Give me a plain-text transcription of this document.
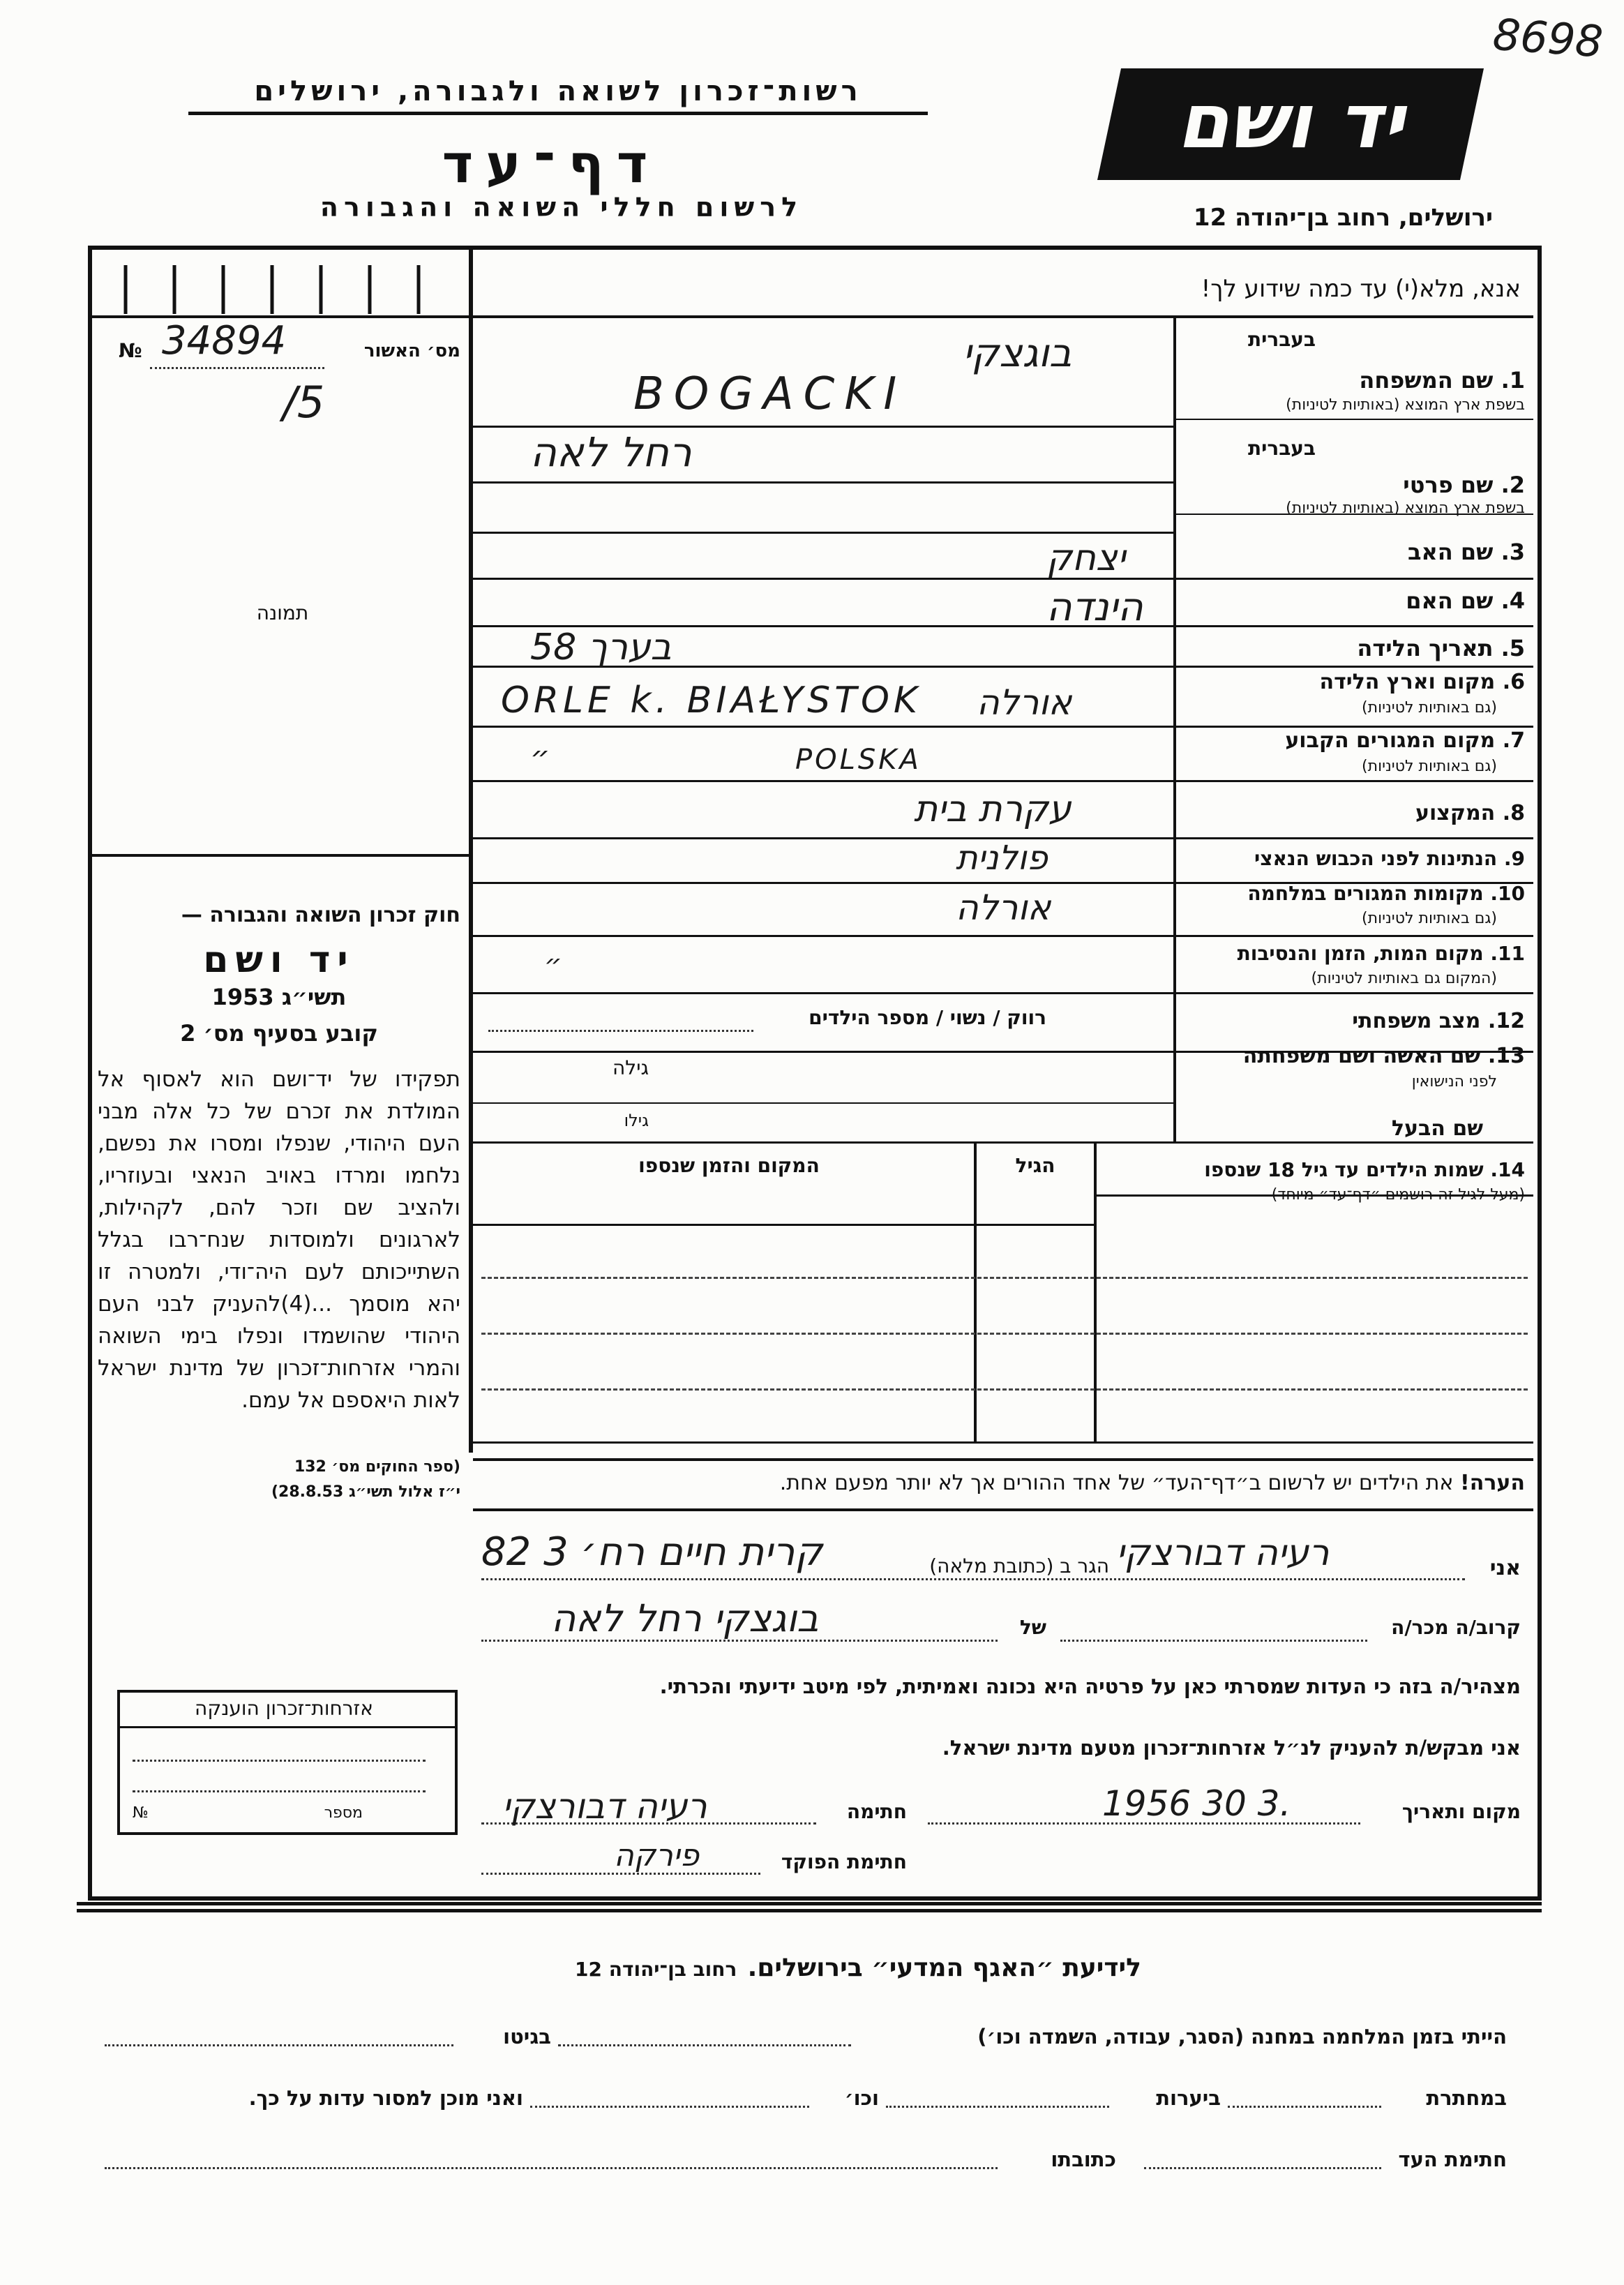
8698
רשות־זכרון לשואה ולגבורה, ירושלים
דף־עד
לרשום חללי השואה והגבורה
יד ושם
ירושלים, רחוב בן־יהודה 12
מס׳ האשור
№ 34894
/5
תמונה
חוק זכרון השואה והגבורה —
יד ושם
תשי״ג 1953
קובע בסעיף מס׳ 2
תפקידו של יד־ושם הוא לאסוף אל המולדת את זכרם של כל אלה מבני העם היהודי, שנפלו ומסרו את נפשם, נלחמו ומרדו באויב הנאצי ובעוזריו, ולהציב שם וזכר להם, לקהילות, לארגונים ולמוסדות שנח־רבו בגלל השתייכותם לעם היה־ודי, ולמטרה זו יהא מוסמך ...(4)להעניק לבני העם היהודי שהושמדו ונפלו בימי השואה והמרי אזרחות־זכרון של מדינת ישראל לאות היאספם אל עמם.
(ספר החוקים מס׳ 132
י״ז אלול תשי״ג 28.8.53)
אזרחות־זכרון הוענקה
מספר
№
אנא, מלא(י) עד כמה שידוע לך!
בעברית
1. שם המשפחה
בשפת ארץ המוצא (באותיות לטיניות)
בעברית
2. שם פרטי
בשפת ארץ המוצא (באותיות לטיניות)
3. שם האב
4. שם האם
5. תאריך הלידה
6. מקום וארץ הלידה
(גם באותיות לטיניות)
7. מקום המגורים הקבוע
(גם באותיות לטיניות)
8. המקצוע
9. הנתינות לפני הכבוש הנאצי
10. מקומות המגורים במלחמה
(גם באותיות לטיניות)
11. מקום המות, הזמן והנסיבות
(המקום גם באותיות לטיניות)
12. מצב משפחתי
13. שם האשה ושם משפחתה
לפני הנישואין
שם הבעל
בוגצקי
BOGACKI
רחל לאה
יצחק
הינדה
בערך 58
ORLE k. BIAŁYSTOK אורלה
״	POLSKA
עקרת בית
פולנית
אורלה
״
רווק / נשוי / מספר הילדים
גילה
גילו
14. שמות הילדים עד גיל 18 שנספו
(מעל לגיל זה רושמים ״דף־עד״ מיוחד)
הגיל
המקום והזמן שנספו
הערה! את הילדים יש לרשום ב״דף־העד״ של אחד ההורים אך לא יותר מפעם אחת.
אני
רעיה דבורצקי
הגר ב (כתובת מלאה)
קרית חיים רח׳ 3 82
קרוב/ה מכר/ה
של
בוגצקי רחל לאה
מצהיר/ה בזה כי העדות שמסרתי כאן על פרטיה היא נכונה ואמיתית, לפי מיטב ידיעתי והכרתי.
אני מבקש/ת להעניק לנ״ל אזרחות־זכרון מטעם מדינת ישראל.
מקום ותאריך
1956 30 3.
חתימה
רעיה דבורצקי
חתימת הפוקד
פירקה
לידיעת ״האגף המדעי״ בירושלים.   רחוב בן־יהודה 12
הייתי בזמן המלחמה במחנה (הסגר, עבודה, השמדה וכו׳)
בגיטו
במחתרת
ביערות
וכו׳
ואני מוכן למסור עדות על כך.
חתימת העד
כתובתו
